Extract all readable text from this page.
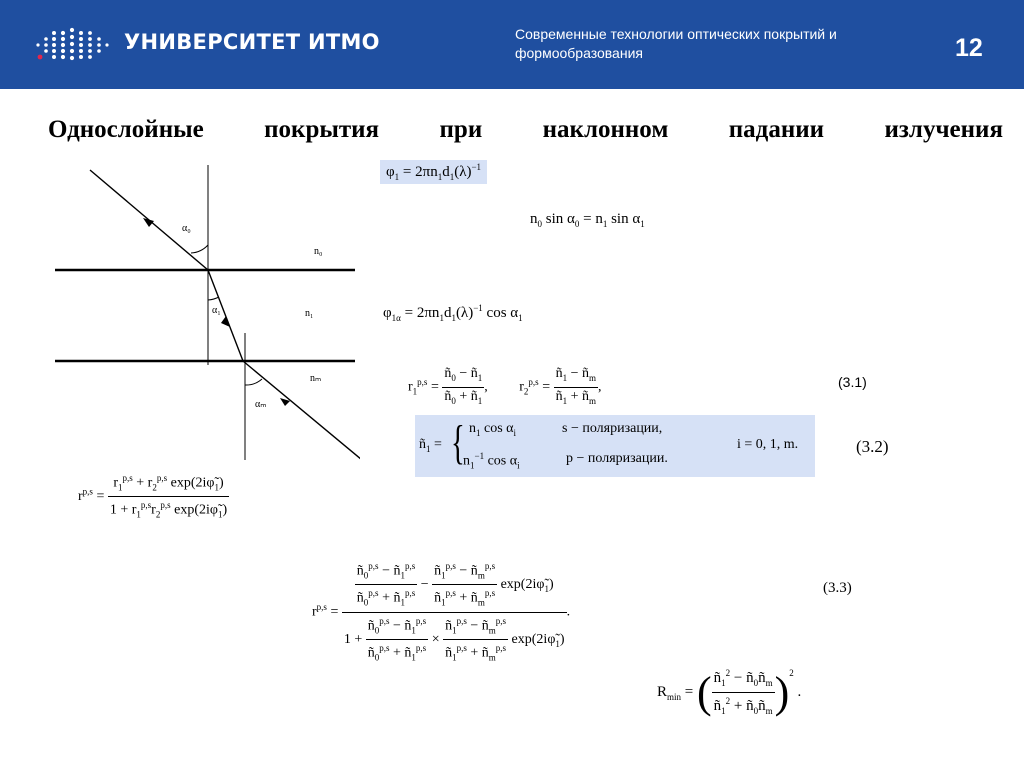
УНИВЕРСИТЕТ ИТМО	Современные технологии оптических покрытий и формообразования	12
Однослойные покрытия при наклонном падании излучения
α₀
α₁
αₘ
n₀
n₁
nₘ
$\varphi_1 = 2\pi n_1d_1(\lambda)^{-1}$
$n_0$ $\sin \alpha_0 = n_1$ $\sin \alpha_1$
$\varphi_{1\alpha} = 2\pi n_1d_1(\lambda)^{-1}$ $\cos \alpha_1$
$r_1^{p,s} = \frac{ñ_0 - ñ_1}{ñ_0 + ñ_1}$ ,         $r_2^{p,s} = \frac{ñ_1 - ñ_m}{ñ_1 + ñ_m}$ ,	(3.1)
$ñ_1$ = { $n_1$ $\cos \alpha_i$
$n_1^{-1}$ $\cos \alpha_i$
s − поляризации,
p − поляризации.
i = 0, 1, m.	(3.2)
$r^{p,s} = \frac{r_1^{p,s} + r_2^{p,s} \exp(2i\varphĩ_1)}{1 + r_1^{p,s}r_2^{p,s} \exp(2i\varphĩ_1)}$
$r^{p,s}$ =
$\frac{ñ_0^{p,s} - ñ_1^{p,s}}{ñ_0^{p,s} + ñ_1^{p,s}} - \frac{ñ_1^{p,s} - ñ_m^{p,s}}{ñ_1^{p,s} + ñ_m^{p,s}}$ $\exp(2i\varphĩ_1)$
$1 + \frac{ñ_0^{p,s} - ñ_1^{p,s}}{ñ_0^{p,s} + ñ_1^{p,s}} \times \frac{ñ_1^{p,s} - ñ_m^{p,s}}{ñ_1^{p,s} + ñ_m^{p,s}}$ $\exp(2i\varphĩ_1)$
.
(3.3)
$R_{min}$ = ( $\frac{ñ_1^2 - ñ_0ñ_m}{ñ_1^2 + ñ_0ñ_m} )^2$ .
